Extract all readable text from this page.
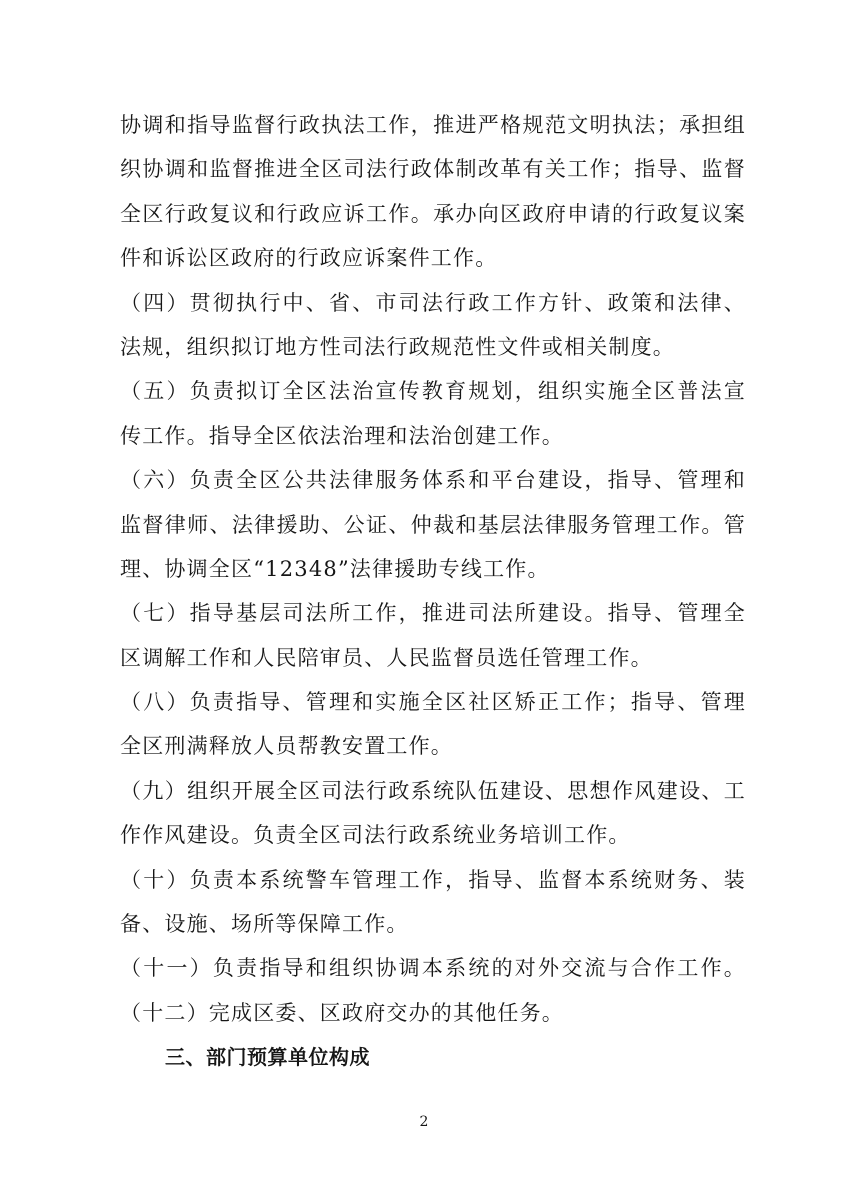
协调和指导监督行政执法工作，推进严格规范文明执法；承担组
织协调和监督推进全区司法行政体制改革有关工作；指导、监督
全区行政复议和行政应诉工作。承办向区政府申请的行政复议案
件和诉讼区政府的行政应诉案件工作。
（四）贯彻执行中、省、市司法行政工作方针、政策和法律、
法规，组织拟订地方性司法行政规范性文件或相关制度。
（五）负责拟订全区法治宣传教育规划，组织实施全区普法宣
传工作。指导全区依法治理和法治创建工作。
（六）负责全区公共法律服务体系和平台建设，指导、管理和
监督律师、法律援助、公证、仲裁和基层法律服务管理工作。管
理、协调全区“12348”法律援助专线工作。
（七）指导基层司法所工作，推进司法所建设。指导、管理全
区调解工作和人民陪审员、人民监督员选任管理工作。
（八）负责指导、管理和实施全区社区矫正工作；指导、管理
全区刑满释放人员帮教安置工作。
（九）组织开展全区司法行政系统队伍建设、思想作风建设、工
作作风建设。负责全区司法行政系统业务培训工作。
（十）负责本系统警车管理工作，指导、监督本系统财务、装
备、设施、场所等保障工作。
（十一）负责指导和组织协调本系统的对外交流与合作工作。
（十二）完成区委、区政府交办的其他任务。
三、部门预算单位构成
2
